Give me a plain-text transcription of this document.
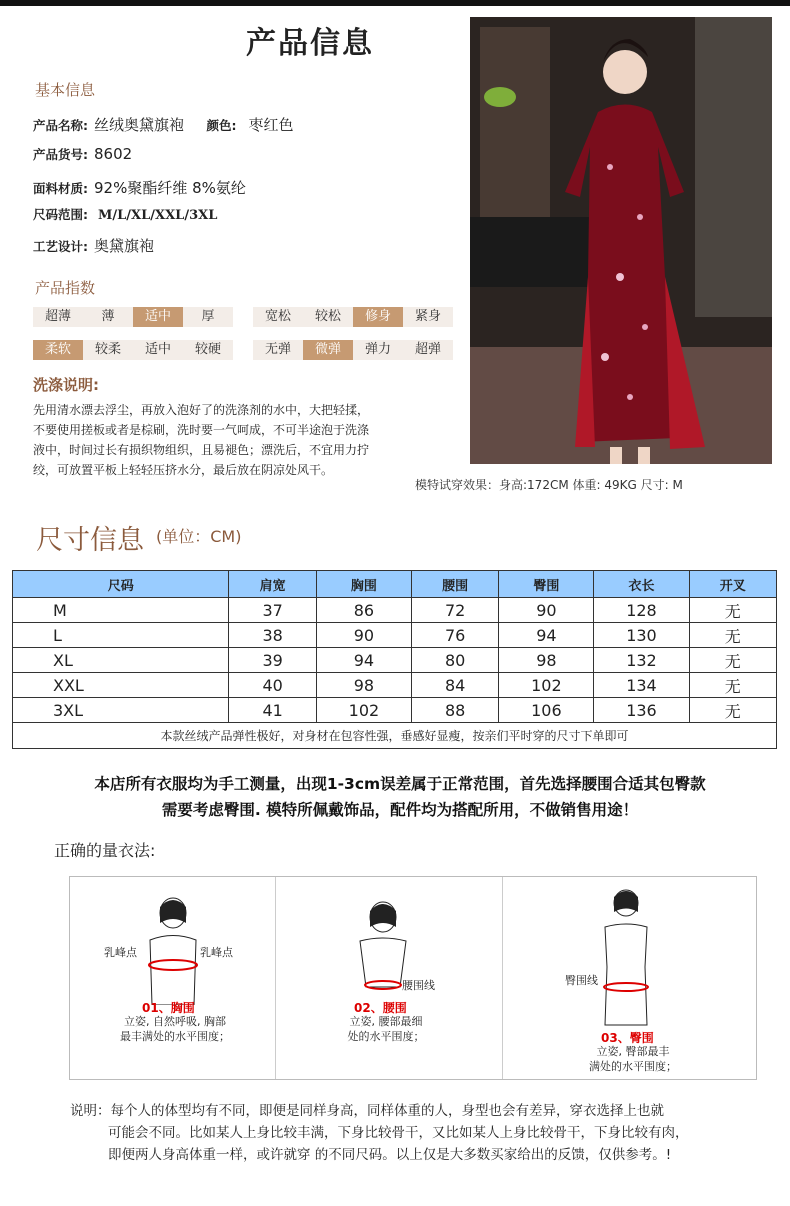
产品信息
基本信息
产品名称: 丝绒奥黛旗袍 颜色: 枣红色
产品货号: 8602
面料材质: 92%聚酯纤维 8%氨纶
尺码范围: M/L/XL/XXL/3XL
工艺设计: 奥黛旗袍
产品指数
超薄	薄	适中	厚	宽松	较松	修身	紧身
柔软	较柔	适中	较硬	无弹	微弹	弹力	超弹
洗涤说明:
先用清水漂去浮尘，再放入泡好了的洗涤剂的水中，大把轻揉，
不要使用搓板或者是棕刷，洗时要一气呵成，不可半途泡于洗涤
液中，时间过长有损织物组织，且易褪色；漂洗后，不宜用力拧
绞，可放置平板上轻轻压挤水分，最后放在阴凉处风干。
模特试穿效果：身高:172CM 体重: 49KG 尺寸: M
尺寸信息 (单位：CM)
尺码	肩宽	胸围	腰围	臀围	衣长	开叉
M	37	86	72	90	128	无
L	38	90	76	94	130	无
XL	39	94	80	98	132	无
XXL	40	98	84	102	134	无
3XL	41	102	88	106	136	无
本款丝绒产品弹性极好，对身材在包容性强，垂感好显瘦，按亲们平时穿的尺寸下单即可						
本店所有衣服均为手工测量，出现1-3cm误差属于正常范围，首先选择腰围合适其包臀款
需要考虑臀围. 模特所佩戴饰品，配件均为搭配所用，不做销售用途！
正确的量衣法:
乳峰点	乳峰点
01、胸围
立姿, 自然呼吸, 胸部
最丰满处的水平围度；
腰围线
02、腰围
立姿, 腰部最细
处的水平围度；
臀围线
03、臀围
立姿, 臀部最丰
满处的水平围度；
说明：每个人的体型均有不同，即便是同样身高，同样体重的人，身型也会有差异，穿衣选择上也就
可能会不同。比如某人上身比较丰满，下身比较骨干，又比如某人上身比较骨干，下身比较有肉，
即便两人身高体重一样，或许就穿 的不同尺码。以上仅是大多数买家给出的反馈，仅供参考。!
